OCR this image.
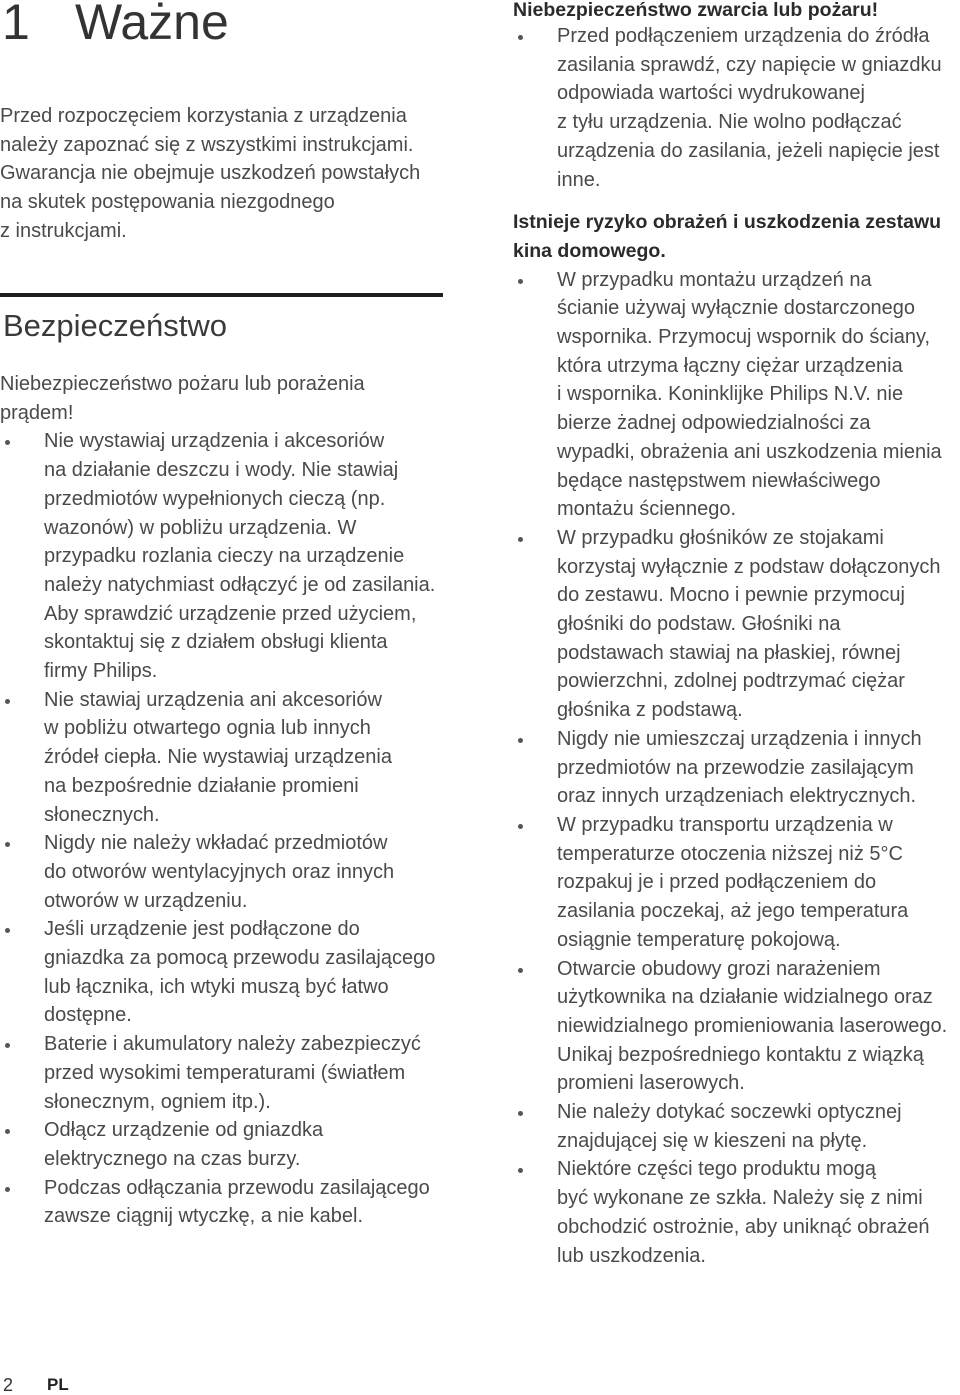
1 Ważne
Przed rozpoczęciem korzystania z urządzenia
należy zapoznać się z wszystkimi instrukcjami.
Gwarancja nie obejmuje uszkodzeń powstałych
na skutek postępowania niezgodnego
z instrukcjami.
Bezpieczeństwo
Niebezpieczeństwo pożaru lub porażenia
prądem!
Nie wystawiaj urządzenia i akcesoriów
na działanie deszczu i wody. Nie stawiaj
przedmiotów wypełnionych cieczą (np.
wazonów) w pobliżu urządzenia. W
przypadku rozlania cieczy na urządzenie
należy natychmiast odłączyć je od zasilania.
Aby sprawdzić urządzenie przed użyciem,
skontaktuj się z działem obsługi klienta
firmy Philips.
Nie stawiaj urządzenia ani akcesoriów
w pobliżu otwartego ognia lub innych
źródeł ciepła. Nie wystawiaj urządzenia
na bezpośrednie działanie promieni
słonecznych.
Nigdy nie należy wkładać przedmiotów
do otworów wentylacyjnych oraz innych
otworów w urządzeniu.
Jeśli urządzenie jest podłączone do
gniazdka za pomocą przewodu zasilającego
lub łącznika, ich wtyki muszą być łatwo
dostępne.
Baterie i akumulatory należy zabezpieczyć
przed wysokimi temperaturami (światłem
słonecznym, ogniem itp.).
Odłącz urządzenie od gniazdka
elektrycznego na czas burzy.
Podczas odłączania przewodu zasilającego
zawsze ciągnij wtyczkę, a nie kabel.
Niebezpieczeństwo zwarcia lub pożaru!
Przed podłączeniem urządzenia do źródła
zasilania sprawdź, czy napięcie w gniazdku
odpowiada wartości wydrukowanej
z tyłu urządzenia. Nie wolno podłączać
urządzenia do zasilania, jeżeli napięcie jest
inne.
Istnieje ryzyko obrażeń i uszkodzenia zestawu
kina domowego.
W przypadku montażu urządzeń na
ścianie używaj wyłącznie dostarczonego
wspornika. Przymocuj wspornik do ściany,
która utrzyma łączny ciężar urządzenia
i wspornika. Koninklijke Philips N.V. nie
bierze żadnej odpowiedzialności za
wypadki, obrażenia ani uszkodzenia mienia
będące następstwem niewłaściwego
montażu ściennego.
W przypadku głośników ze stojakami
korzystaj wyłącznie z podstaw dołączonych
do zestawu. Mocno i pewnie przymocuj
głośniki do podstaw. Głośniki na
podstawach stawiaj na płaskiej, równej
powierzchni, zdolnej podtrzymać ciężar
głośnika z podstawą.
Nigdy nie umieszczaj urządzenia i innych
przedmiotów na przewodzie zasilającym
oraz innych urządzeniach elektrycznych.
W przypadku transportu urządzenia w
temperaturze otoczenia niższej niż 5°C
rozpakuj je i przed podłączeniem do
zasilania poczekaj, aż jego temperatura
osiągnie temperaturę pokojową.
Otwarcie obudowy grozi narażeniem
użytkownika na działanie widzialnego oraz
niewidzialnego promieniowania laserowego.
Unikaj bezpośredniego kontaktu z wiązką
promieni laserowych.
Nie należy dotykać soczewki optycznej
znajdującej się w kieszeni na płytę.
Niektóre części tego produktu mogą
być wykonane ze szkła. Należy się z nimi
obchodzić ostrożnie, aby uniknąć obrażeń
lub uszkodzenia.
2 PL
